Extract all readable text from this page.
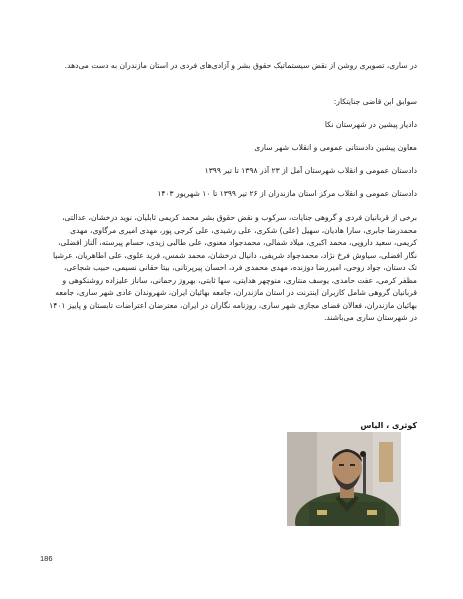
در ساری، تصویری روشن از نقض سیستماتیک حقوق بشر و آزادی‌های فردی در استان مازندران به دست می‌دهد.
سوابق ابن قاضی جنایتکار:
دادیار پیشین در شهرستان نکا
معاون پیشین دادستانی عمومی و انقلاب شهر ساری
دادستان عمومی و انقلاب شهرستان آمل از ۲۳ آذر ۱۳۹۸ تا تیر ۱۳۹۹
دادستان عمومی و انقلاب مرکز استان مازندران از ۲۶ تیر ۱۳۹۹ تا ۱۰ شهریور ۱۴۰۳
برخی از قربانیان فردی و گروهی جنایات، سرکوب و نقض حقوق بشر محمد کریمی ثابلیان، نوید درخشان، عدالتی، محمدرضا جابری، سارا هادیان، سهیل (علی) شکری، علی رشیدی، علی کرجی پور، مهدی امیری مرگاوی، مهدی کریمی، سعید داروپی، محمد اکبری، میلاد شمالی، محمدجواد معنوی، علی طالبی زیدی، حسام پیرسته، آلناز افضلی، نگار افضلی، سیاوش فرخ نژاد، محمدجواد شریفی، دانیال درخشان، محمد شمس، فرید علوی، علی اطاهریان، عرشیا تک دستان، جواد روحی، امیررضا دوزنده، مهدی محمدی فرد، احسان پیرپرتانی، بیتا حقانی نسیمی، حبیب شجاعی، مظفر کرمی، عفت حامدی، یوسف منتاری، منوچهر هدایتی، سها ثابتی، بهروز رحمانی، ساناز علیزاده روشنکوهی و قربانیان گروهی شامل کاربران اینترنت در استان مازندران، جامعه بهائیان ایران، شهروندان عادی شهر ساری، جامعه بهائیان مازندران، فعالان فضای مجازی شهر ساری، روزنامه نگاران در ایران، معترضان اعتراضات تابستان و پاییز ۱۴۰۱ در شهرستان ساری می‌باشند.
کوثری ، الیاس
186
